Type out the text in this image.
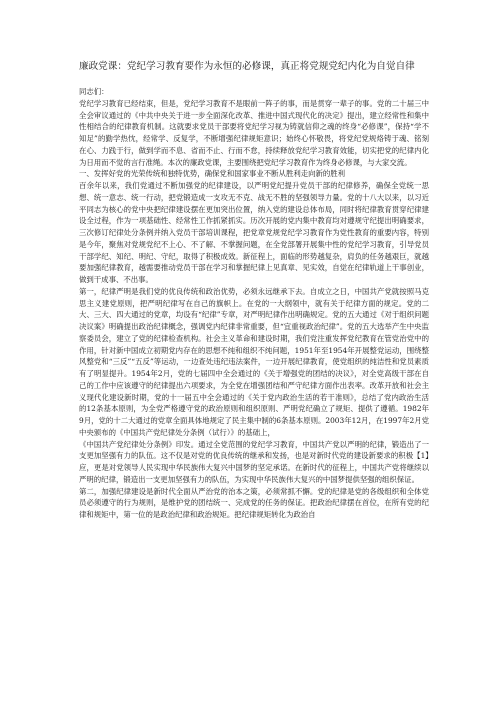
廉政党课：党纪学习教育要作为永恒的必修课，真正将党规党纪内化为自觉自律

同志们：

党纪学习教育已经结束，但是，党纪学习教育不是眼前一阵子的事，而是贯穿一辈子的事。党的二十届三中全会审议通过的《中共中央关于进一步全面深化改革、推进中国式现代化的决定》提出，建立经常性和集中性相结合的纪律教育机制。这就要求党员干部要将党纪学习视为铸就信仰之魂的终身“必修课”，保持“学不知足”的勤学热忱，经常学、反复学，不断增强纪律规矩意识；始终心怀敬畏，将党纪党规烙铸于魂、铭刻在心、力践于行，做到学而不息、省而不止、行而不怠，持续释放党纪学习教育效能，切实把党的纪律内化为日用而不觉的言行准绳。本次的廉政党课，主要围绕把党纪学习教育作为终身必修课，与大家交流。

一、发挥好党的光荣传统和独特优势，确保党和国家事业不断从胜利走向新的胜利

百余年以来，我们党通过不断加强党的纪律建设，以严明党纪提升党员干部的纪律修养，确保全党统一思想、统一意志、统一行动，把党锻造成一支攻无不克、战无不胜的坚强领导力量。党的十八大以来，以习近平同志为核心的党中央把纪律建设摆在更加突出位置，纳入党的建设总体布局，同时将纪律教育贯穿纪律建设全过程，作为一项基础性、经常性工作抓紧抓实。历次开展的党内集中教育均对遵规守纪提出明确要求，三次修订纪律处分条例并纳入党员干部培训课程，把党章党规党纪学习教育作为党性教育的重要内容，特别是今年，聚焦对党规党纪不上心、不了解、不掌握问题，在全党部署开展集中性的党纪学习教育，引导党员干部学纪、知纪、明纪、守纪，取得了积极成效。新征程上，面临的形势越复杂，肩负的任务越艰巨，就越要加强纪律教育，越需要推动党员干部在学习和掌握纪律上见真章、见实效，自觉在纪律轨道上干事创业，做到干成事、不出事。

第一，纪律严明是我们党的优良传统和政治优势，必须永远继承下去。自成立之日，中国共产党就按照马克思主义建党原则，把严明纪律写在自己的旗帜上。在党的一大纲领中，就有关于纪律方面的规定。党的二大、三大、四大通过的党章，均设有“纪律”专章，对严明纪律作出明确规定。党的五大通过《对于组织问题决议案》明确提出政治纪律概念，强调党内纪律非常重要，但“宜重视政治纪律”。党的五大选举产生中央监察委员会，建立了党的纪律检查机构。社会主义革命和建设时期，我们党注重发挥党纪教育在管党治党中的作用，针对新中国成立初期党内存在的思想不纯和组织不纯问题，1951年至1954年开展整党运动，围绕整风整党和“三反”“五反”等运动，一边查处违纪违法案件，一边开展纪律教育，使党组织的纯洁性和党员素质有了明显提升。1954年2月，党的七届四中全会通过的《关于增强党的团结的决议》，对全党高级干部在自己的工作中应该遵守的纪律提出六项要求，为全党在增强团结和严守纪律方面作出表率。改革开放和社会主义现代化建设新时期，党的十一届五中全会通过的《关于党内政治生活的若干准则》，总结了党内政治生活的12条基本原则，为全党严格遵守党的政治原则和组织原则、严明党纪确立了规矩、提供了遵循。1982年9月，党的十二大通过的党章全面具体地规定了民主集中制的6条基本原则。2003年12月，在1997年2月党中央颁布的《中国共产党纪律处分条例（试行）》的基础上，

《中国共产党纪律处分条例》印发。通过全党范围的党纪学习教育，中国共产党以严明的纪律，锻造出了一支更加坚强有力的队伍。这不仅是对党的优良传统的继承和发扬，也是对新时代党的建设新要求的积极【1】应，更是对党领导人民实现中华民族伟大复兴中国梦的坚定承诺。在新时代的征程上，中国共产党将继续以严明的纪律，锻造出一支更加坚强有力的队伍，为实现中华民族伟大复兴的中国梦提供坚强的组织保证。

第二，加强纪律建设是新时代全面从严治党的治本之策，必须常抓不懈。党的纪律是党的各级组织和全体党员必须遵守的行为规则，是维护党的团结统一、完成党的任务的保证。把政治纪律摆在首位，在所有党的纪律和规矩中，第一位的是政治纪律和政治规矩。把纪律规矩转化为政治自
